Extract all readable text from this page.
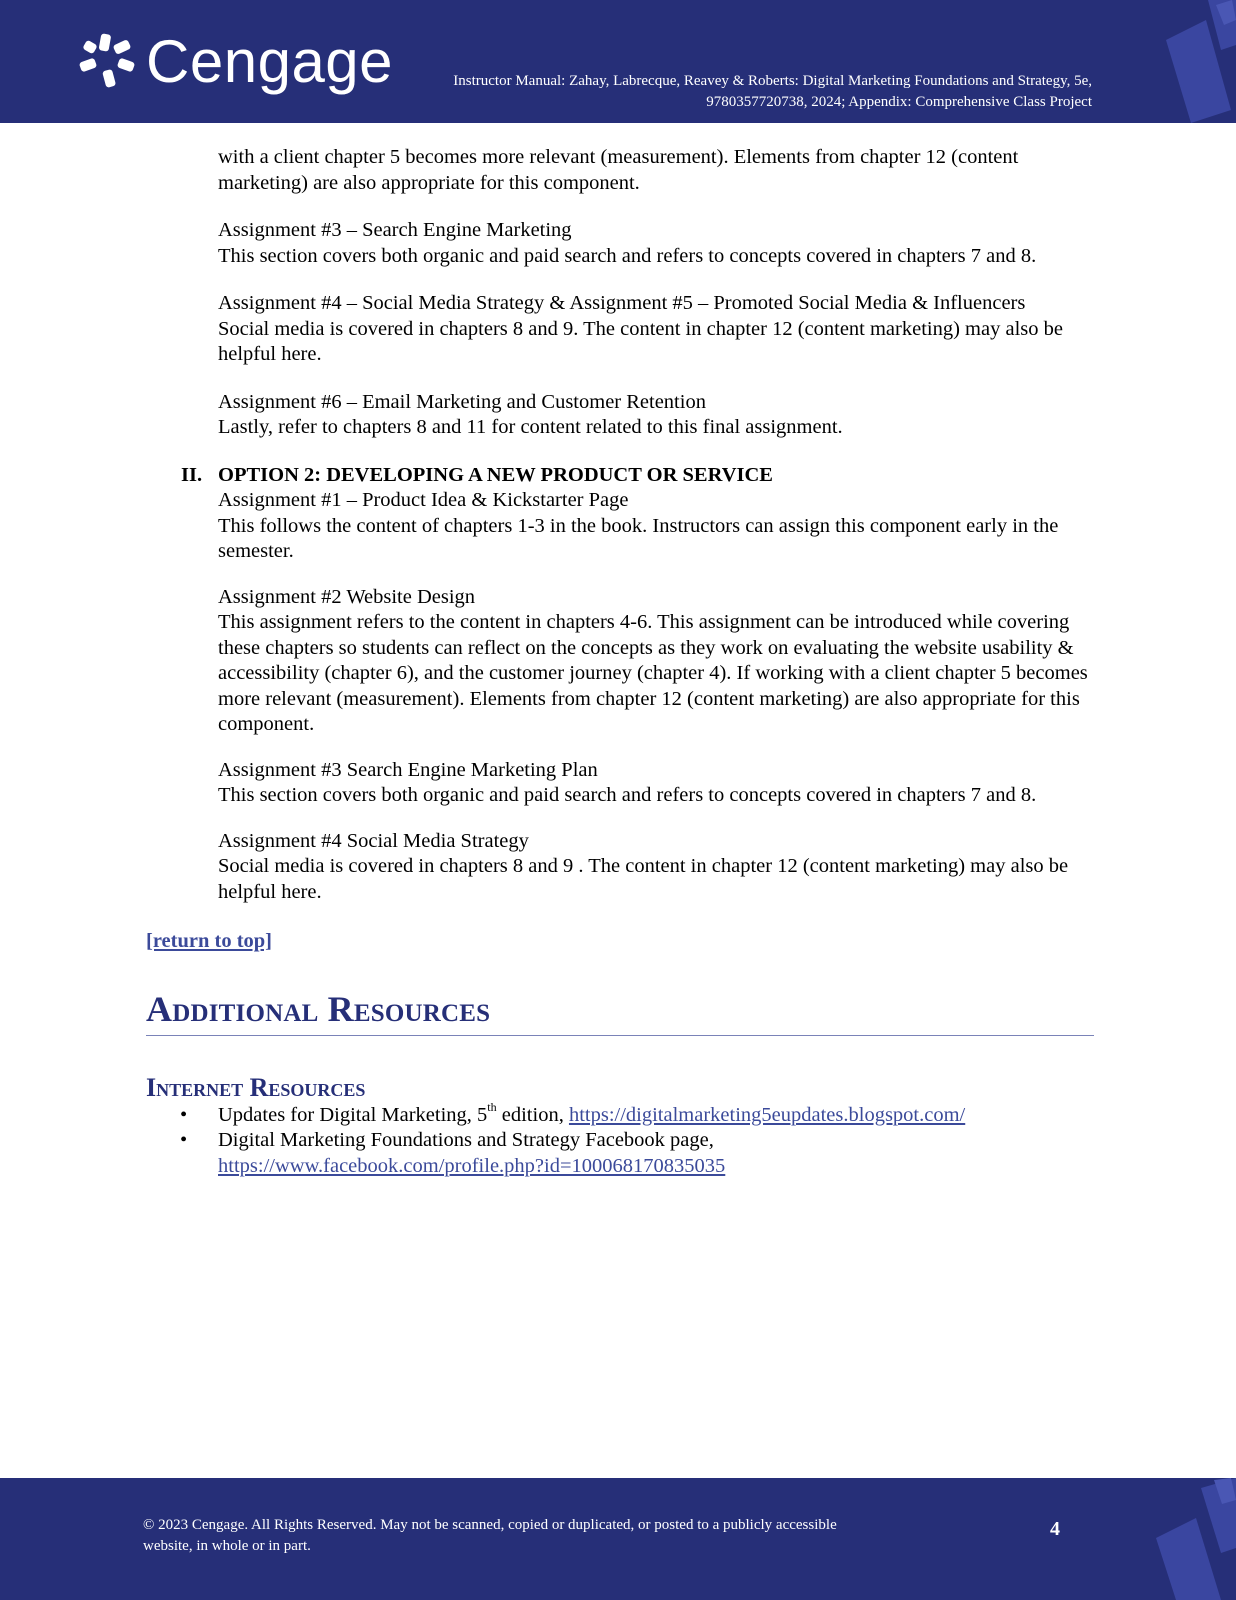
Cengage	Instructor Manual: Zahay, Labrecque, Reavey & Roberts: Digital Marketing Foundations and Strategy, 5e,
9780357720738, 2024; Appendix: Comprehensive Class Project

with a client chapter 5 becomes more relevant (measurement). Elements from chapter 12 (content marketing) are also appropriate for this component.

Assignment #3 – Search Engine Marketing

This section covers both organic and paid search and refers to concepts covered in chapters 7 and 8.

Assignment #4 – Social Media Strategy & Assignment #5 – Promoted Social Media & Influencers

Social media is covered in chapters 8 and 9. The content in chapter 12 (content marketing) may also be helpful here.

Assignment #6 – Email Marketing and Customer Retention

Lastly, refer to chapters 8 and 11 for content related to this final assignment.

II. OPTION 2: DEVELOPING A NEW PRODUCT OR SERVICE

Assignment #1 – Product Idea & Kickstarter Page

This follows the content of chapters 1-3 in the book. Instructors can assign this component early in the semester.

Assignment #2 Website Design

This assignment refers to the content in chapters 4-6. This assignment can be introduced while covering these chapters so students can reflect on the concepts as they work on evaluating the website usability & accessibility (chapter 6), and the customer journey (chapter 4). If working with a client chapter 5 becomes more relevant (measurement). Elements from chapter 12 (content marketing) are also appropriate for this component.

Assignment #3 Search Engine Marketing Plan

This section covers both organic and paid search and refers to concepts covered in chapters 7 and 8.

Assignment #4 Social Media Strategy

Social media is covered in chapters 8 and 9 . The content in chapter 12 (content marketing) may also be helpful here.

[return to top]
Additional Resources
Internet Resources
• Updates for Digital Marketing, 5th edition, https://digitalmarketing5eupdates.blogspot.com/
• Digital Marketing Foundations and Strategy Facebook page,
https://www.facebook.com/profile.php?id=100068170835035
© 2023 Cengage. All Rights Reserved. May not be scanned, copied or duplicated, or posted to a publicly accessible website, in whole or in part.
4
